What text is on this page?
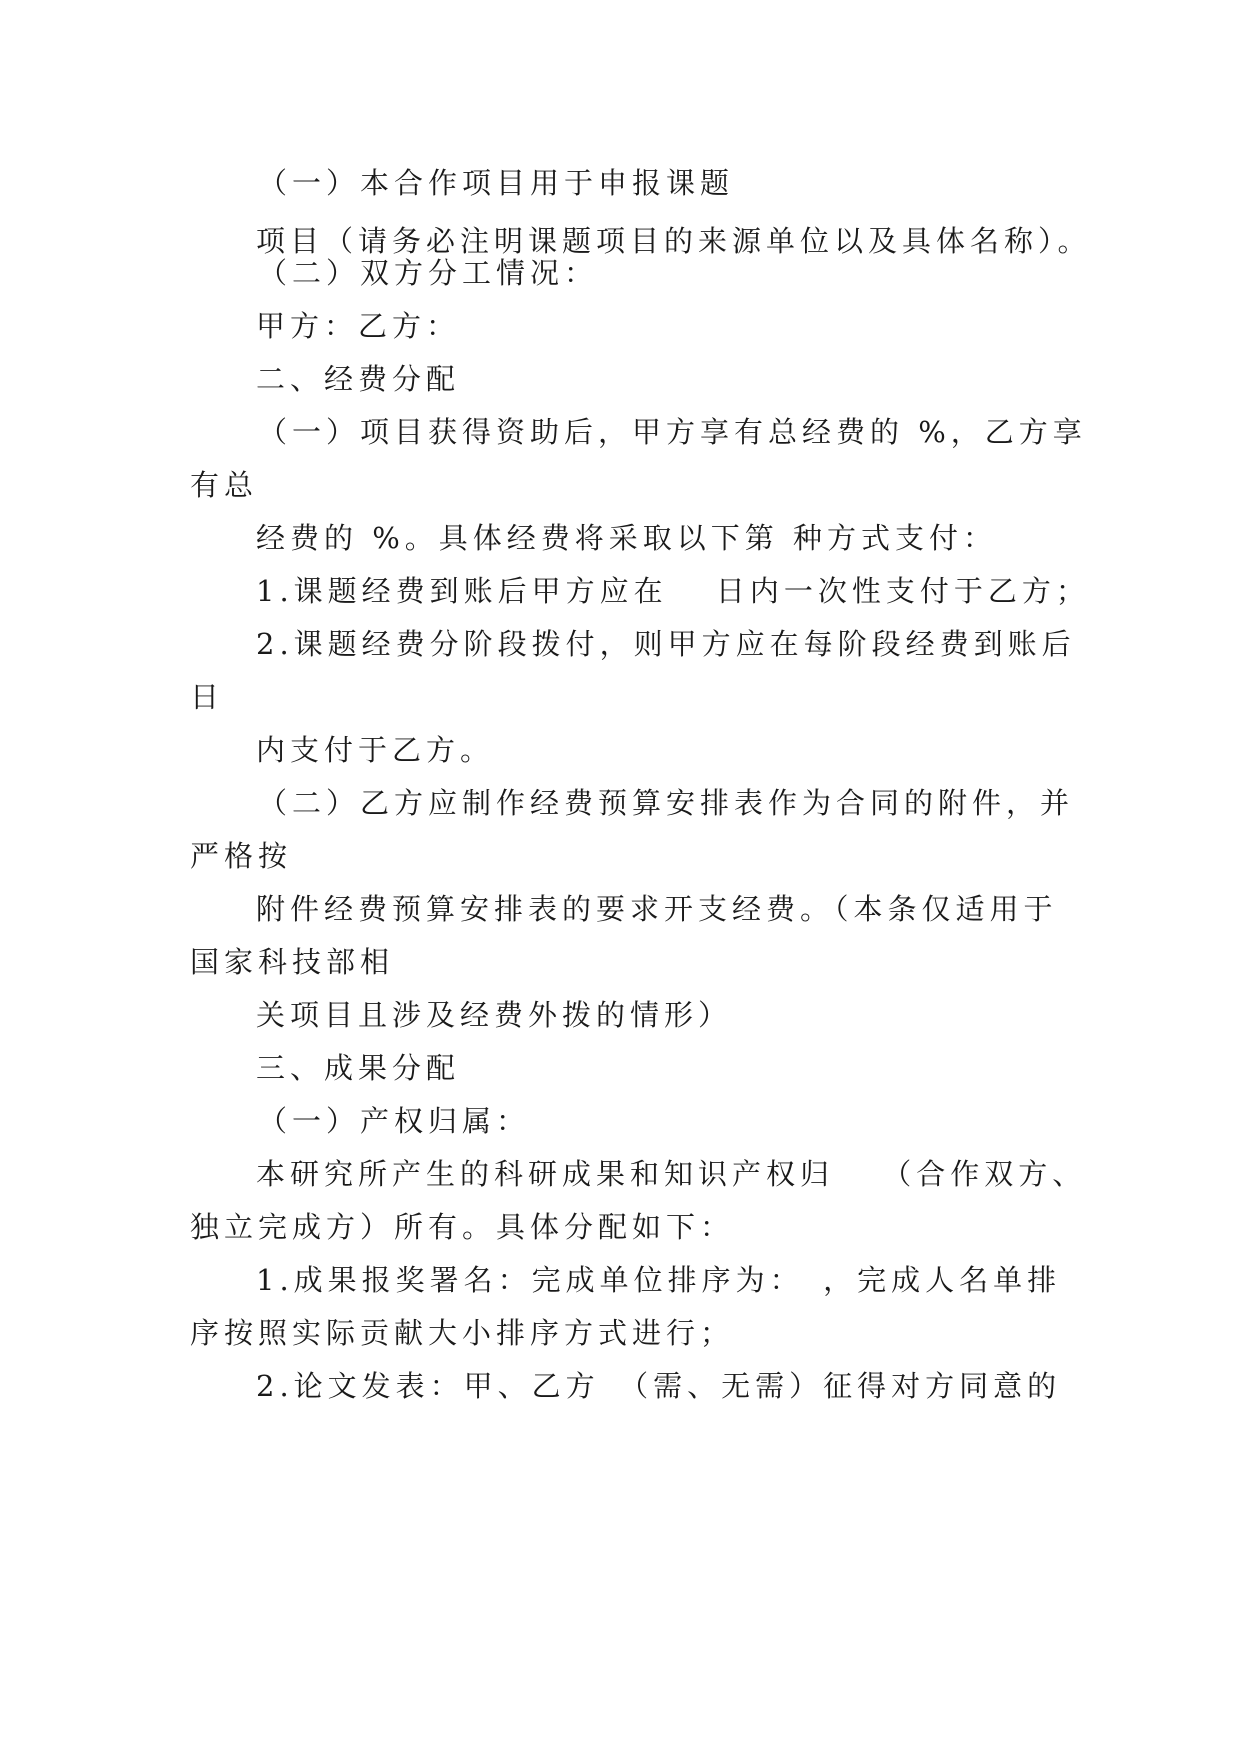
（一）本合作项目用于申报课题
项目（请务必注明课题项目的来源单位以及具体名称）。
（二）双方分工情况：
甲方：乙方：
二、经费分配
（一）项目获得资助后，甲方享有总经费的 %，乙方享
有总
经费的 %。具体经费将采取以下第 种方式支付：
1.课题经费到账后甲方应在　 日内一次性支付于乙方；
2.课题经费分阶段拨付，则甲方应在每阶段经费到账后
日
内支付于乙方。
（二）乙方应制作经费预算安排表作为合同的附件，并
严格按
附件经费预算安排表的要求开支经费。（本条仅适用于
国家科技部相
关项目且涉及经费外拨的情形）
三、成果分配
（一）产权归属：
本研究所产生的科研成果和知识产权归　 （合作双方、
独立完成方）所有。具体分配如下：
1.成果报奖署名：完成单位排序为：　，完成人名单排
序按照实际贡献大小排序方式进行；
2.论文发表：甲、乙方　（需、无需）征得对方同意的
